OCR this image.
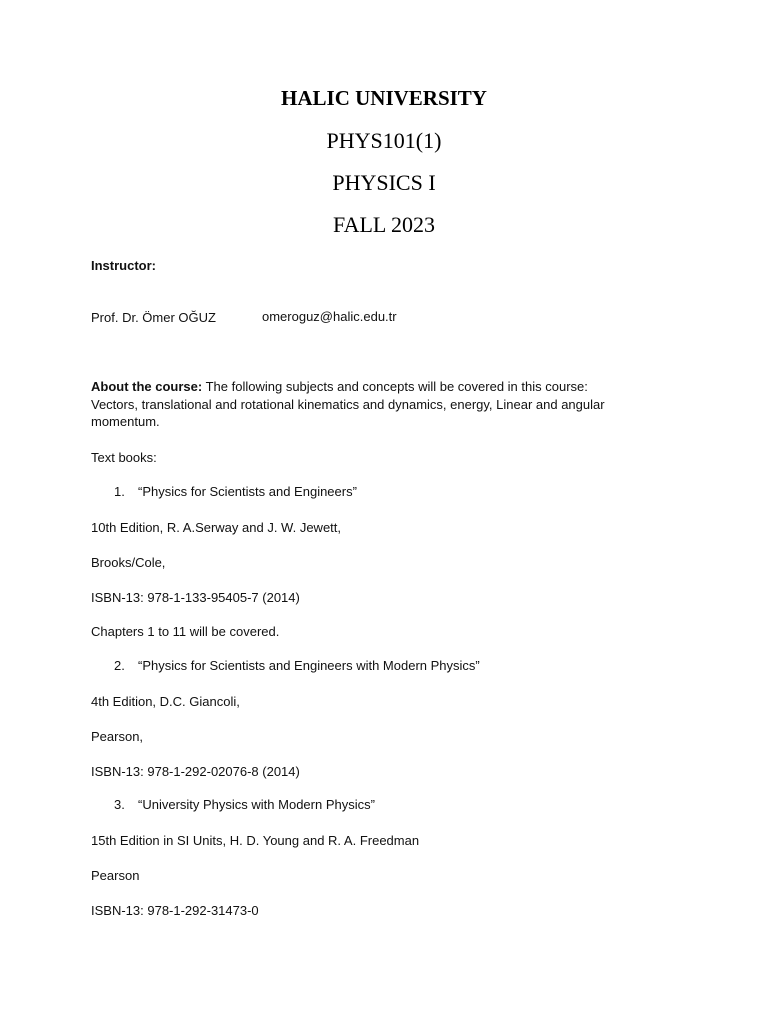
HALIC UNIVERSITY
PHYS101(1)
PHYSICS I
FALL 2023
Instructor:
Prof. Dr. Ömer OĞUZ	omeroguz@halic.edu.tr
About the course: The following subjects and concepts will be covered in this course:
Vectors, translational and rotational kinematics and dynamics, energy, Linear and angular
momentum.
Text books:
1. “Physics for Scientists and Engineers”
10th Edition, R. A.Serway and J. W. Jewett,
Brooks/Cole,
ISBN-13: 978-1-133-95405-7 (2014)
Chapters 1 to 11 will be covered.
2. “Physics for Scientists and Engineers with Modern Physics”
4th Edition, D.C. Giancoli,
Pearson,
ISBN-13: 978-1-292-02076-8 (2014)
3. “University Physics with Modern Physics”
15th Edition in SI Units, H. D. Young and R. A. Freedman
Pearson
ISBN-13: 978-1-292-31473-0
